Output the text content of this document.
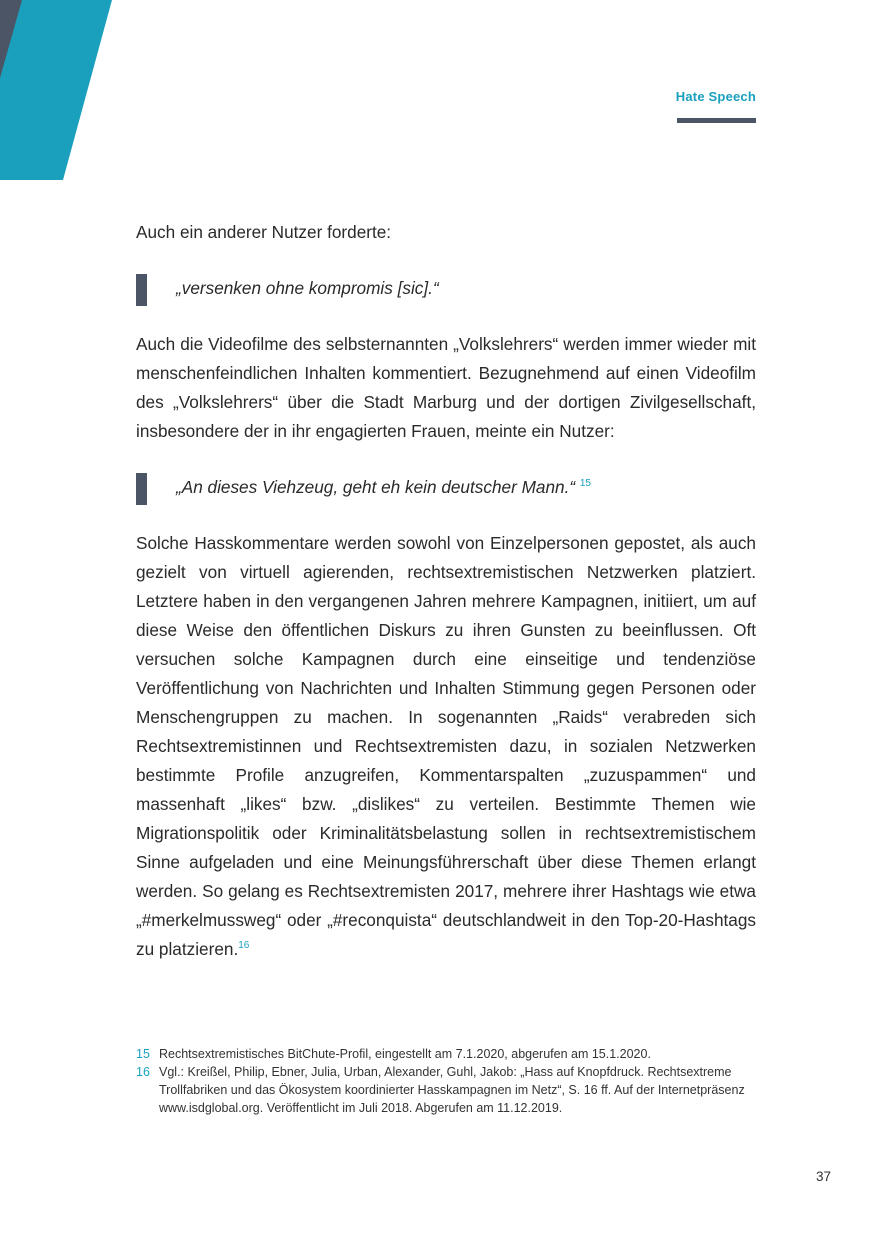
Hate Speech

Auch ein anderer Nutzer forderte:

„versenken ohne kompromis [sic].“

Auch die Videofilme des selbsternannten „Volkslehrers“ werden immer wieder mit menschenfeindlichen Inhalten kommentiert. Bezugnehmend auf einen Videofilm des „Volkslehrers“ über die Stadt Marburg und der dortigen Zivilgesellschaft, insbesondere der in ihr engagierten Frauen, meinte ein Nutzer:

„An dieses Viehzeug, geht eh kein deutscher Mann.“ $^{15}$

Solche Hasskommentare werden sowohl von Einzelpersonen gepostet, als auch gezielt von virtuell agierenden, rechtsextremistischen Netzwerken platziert. Letztere haben in den vergangenen Jahren mehrere Kampagnen, initiiert, um auf diese Weise den öffentlichen Diskurs zu ihren Gunsten zu beeinflussen. Oft versuchen solche Kampagnen durch eine einseitige und tendenziöse Veröffentlichung von Nachrichten und Inhalten Stimmung gegen Personen oder Menschengruppen zu machen. In sogenannten „Raids“ verabreden sich Rechtsextremistinnen und Rechtsextremisten dazu, in sozialen Netzwerken bestimmte Profile anzugreifen, Kommentarspalten „zuzuspammen“ und massenhaft „likes“ bzw. „dislikes“ zu verteilen. Bestimmte Themen wie Migrationspolitik oder Kriminalitätsbelastung sollen in rechtsextremistischem Sinne aufgeladen und eine Meinungsführerschaft über diese Themen erlangt werden. So gelang es Rechtsextremisten 2017, mehrere ihrer Hashtags wie etwa „#merkelmussweg“ oder „#reconquista“ deutschlandweit in den Top-20-Hashtags zu platzieren.$^{16}$

15 Rechtsextremistisches BitChute-Profil, eingestellt am 7.1.2020, abgerufen am 15.1.2020.
16 Vgl.: Kreißel, Philip, Ebner, Julia, Urban, Alexander, Guhl, Jakob: „Hass auf Knopfdruck. Rechtsextreme Trollfabriken und das Ökosystem koordinierter Hasskampagnen im Netz“, S. 16 ff. Auf der Internetpräsenz www.isdglobal.org. Veröffentlicht im Juli 2018. Abgerufen am 11.12.2019.
37
